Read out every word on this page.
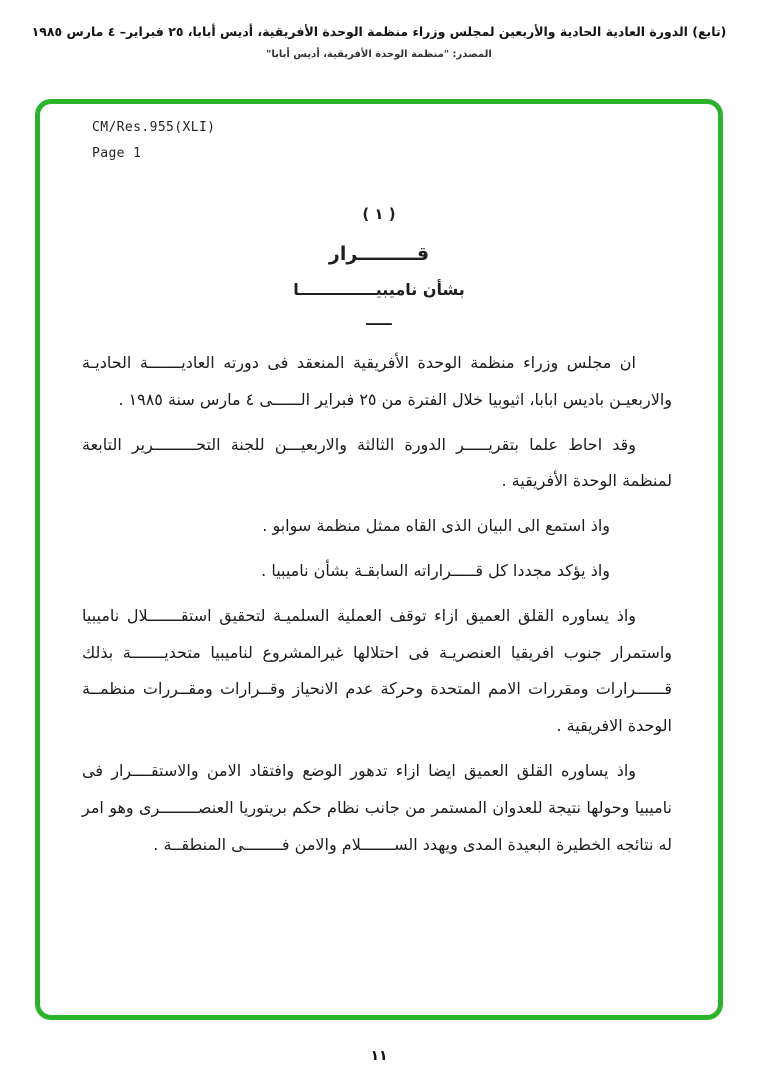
(تابع) الدورة العادية الحادية والأربعين لمجلس وزراء منظمة الوحدة الأفريقية، أديس أبابا، ٢٥ فبراير– ٤ مارس ١٩٨٥
المصدر: "منظمة الوحدة الأفريقية، أديس أبابا"
CM/Res.955(XLI)
Page 1
( ١ )
قـــــــــرار
بشأن ناميبيــــــــــــــا
ـــــ

ان مجلس وزراء منظمة الوحدة الأفريقية المنعقد فى دورته العاديـــــــة الحاديـة والاربعيـن باديس ابابا، اثيوبيا خلال الفترة من ٢٥ فبراير الــــــى ٤ مارس سنة ١٩٨٥ .

وقد احاط علما بتقريـــــر الدورة الثالثة والاربعيـــن للجنة التحـــــــــرير التابعة لمنظمة الوحدة الأفريقية .

واذ استمع الى البيان الذى القاه ممثل منظمة سوابو .

واذ يؤكد مجددا كل قـــــراراته السابقـة بشأن ناميبيا .

واذ يساوره القلق العميق ازاء توقف العملية السلميـة لتحقيق استقـــــــلال ناميبيا واستمرار جنوب افريقيا العنصريـة فى احتلالها غيرالمشروع لناميبيا متحديـــــــة بذلك قــــــرارات ومقررات الامم المتحدة وحركة عدم الانحياز وقــرارات ومقــررات منظمــة الوحدة الافريقية .

واذ يساوره القلق العميق ايضا ازاء تدهور الوضع وافتقاد الامن والاستقــــرار فى ناميبيا وحولها نتيجة للعدوان المستمر من جانب نظام حكم بريتوريا العنصــــــــرى وهو امر له نتائجه الخطيرة البعيدة المدى ويهدد الســـــــلام والامن فــــــــى المنطقــة .

١١
